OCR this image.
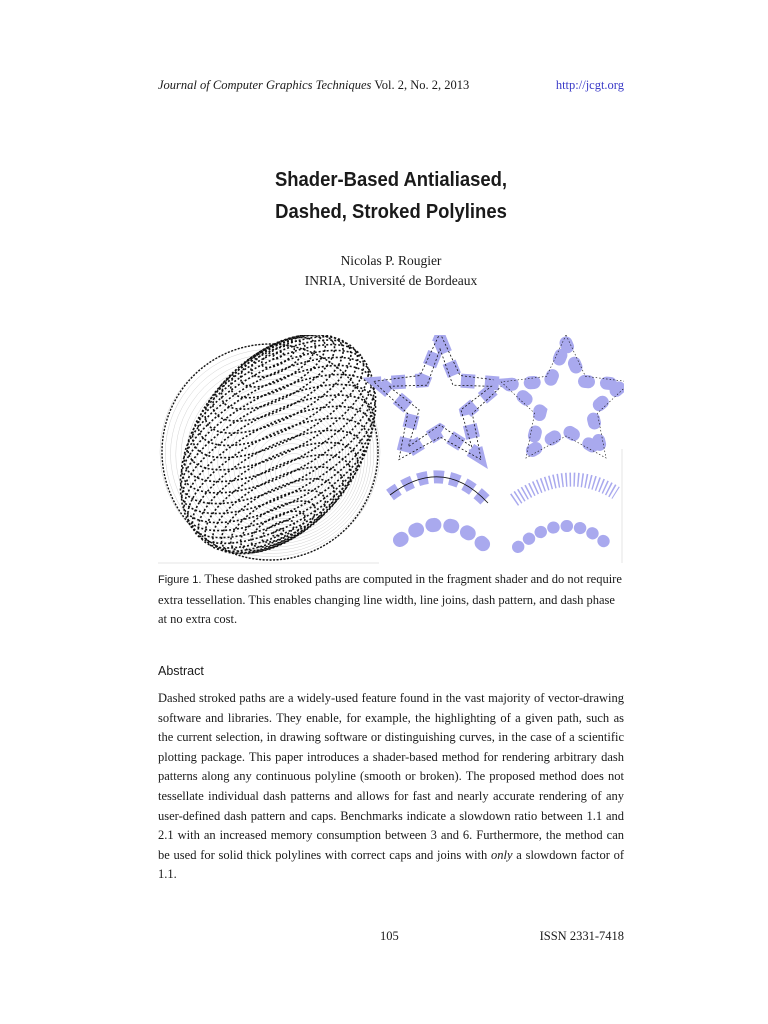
Journal of Computer Graphics Techniques Vol. 2, No. 2, 2013	http://jcgt.org
Shader-Based Antialiased,
Dashed, Stroked Polylines
Nicolas P. Rougier
INRIA, Université de Bordeaux
Figure 1. These dashed stroked paths are computed in the fragment shader and do not require extra tessellation. This enables changing line width, line joins, dash pattern, and dash phase at no extra cost.
Abstract

Dashed stroked paths are a widely-used feature found in the vast majority of vector-drawing software and libraries. They enable, for example, the highlighting of a given path, such as the current selection, in drawing software or distinguishing curves, in the case of a scientific plotting package. This paper introduces a shader-based method for rendering arbitrary dash patterns along any continuous polyline (smooth or broken). The proposed method does not tessellate individual dash patterns and allows for fast and nearly accurate rendering of any user-defined dash pattern and caps. Benchmarks indicate a slowdown ratio between 1.1 and 2.1 with an increased memory consumption between 3 and 6. Furthermore, the method can be used for solid thick polylines with correct caps and joins with only a slowdown factor of 1.1.

105	ISSN 2331-7418
